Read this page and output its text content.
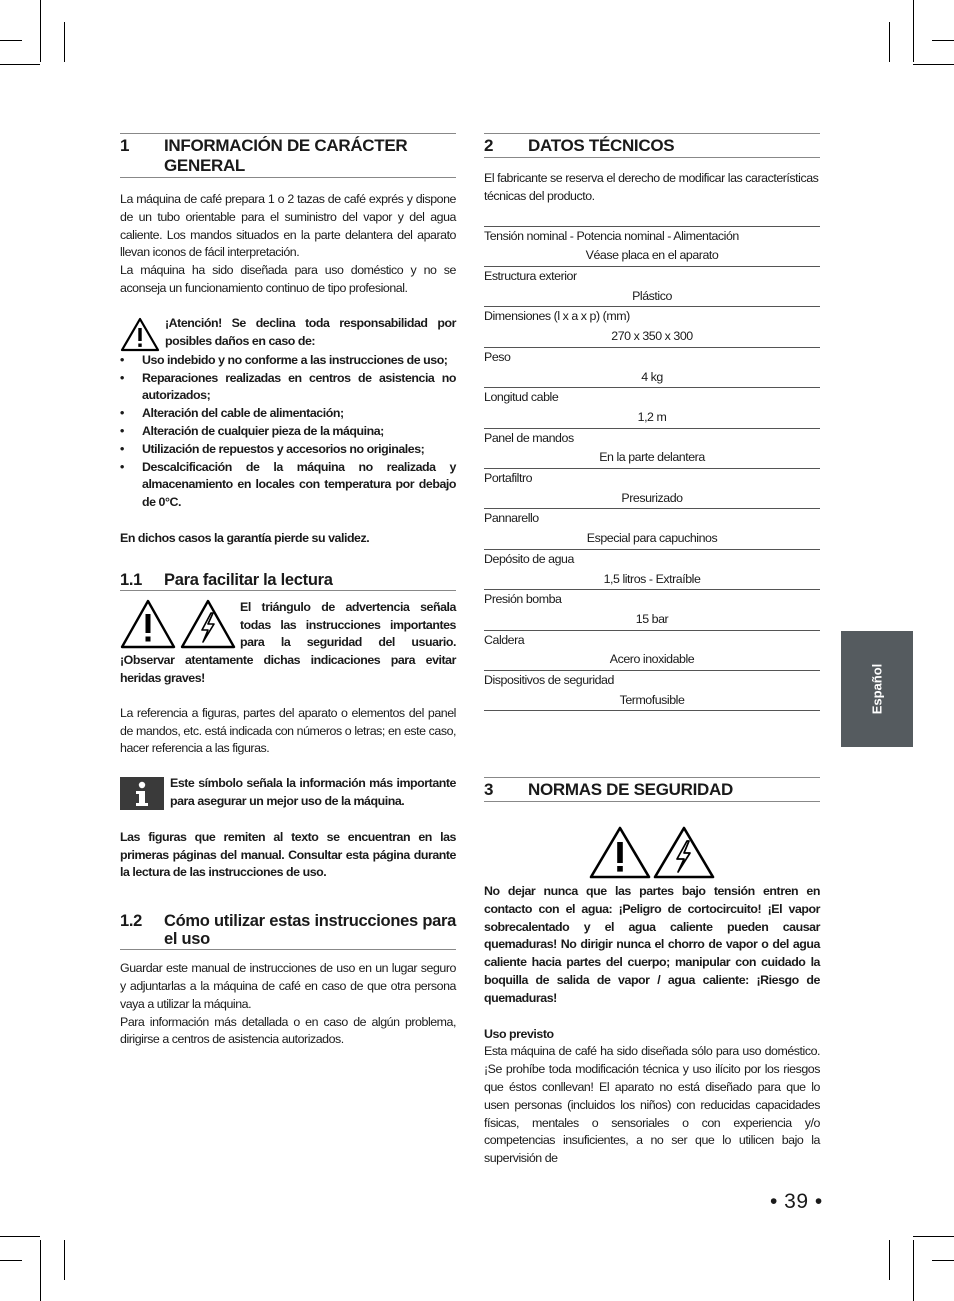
1	INFORMACIÓN DE CARÁCTER GENERAL

La máquina de café prepara 1 o 2 tazas de café exprés y dispone de un tubo orientable para el suministro del vapor y del agua caliente. Los mandos situados en la parte delantera del aparato llevan iconos de fácil interpretación.

La máquina ha sido diseñada para uso doméstico y no se aconseja un funcionamiento continuo de tipo profesional.

¡Atención! Se declina toda responsabilidad por posibles daños en caso de:

• Uso indebido y no conforme a las instrucciones de uso;
• Reparaciones realizadas en centros de asistencia no autorizados;
• Alteración del cable de alimentación;
• Alteración de cualquier pieza de la máquina;
• Utilización de repuestos y accesorios no originales;
• Descalcificación de la máquina no realizada y almacenamiento en locales con temperatura por debajo de 0°C.

En dichos casos la garantía pierde su validez.

1.1	Para facilitar la lectura

El triángulo de advertencia señala todas las instrucciones importantes para la seguridad del usuario. ¡Observar atentamente dichas indicaciones para evitar heridas graves!

La referencia a figuras, partes del aparato o elementos del panel de mandos, etc. está indicada con números o letras; en este caso, hacer referencia a las figuras.

Este símbolo señala la información más importante para asegurar un mejor uso de la máquina.

Las figuras que remiten al texto se encuentran en las primeras páginas del manual. Consultar esta página durante la lectura de las instrucciones de uso.

1.2	Cómo utilizar estas instrucciones para el uso

Guardar este manual de instrucciones de uso en un lugar seguro y adjuntarlas a la máquina de café en caso de que otra persona vaya a utilizar la máquina.

Para información más detallada o en caso de algún problema, dirigirse a centros de asistencia autorizados.

2	DATOS TÉCNICOS

El fabricante se reserva el derecho de modificar las características técnicas del producto.

Tensión nominal - Potencia nominal - Alimentación
Véase placa en el aparato

Estructura exterior
Plástico

Dimensiones (l x a x p) (mm)
270 x 350 x 300

Peso
4 kg

Longitud cable
1,2 m

Panel de mandos
En la parte delantera

Portafiltro
Presurizado

Pannarello
Especial para capuchinos

Depósito de agua
1,5 litros - Extraíble

Presión bomba
15 bar

Caldera
Acero inoxidable

Dispositivos de seguridad
Termofusible

3	NORMAS DE SEGURIDAD

No dejar nunca que las partes bajo tensión entren en contacto con el agua: ¡Peligro de cortocircuito! ¡El vapor sobrecalentado y el agua caliente pueden causar quemaduras! No dirigir nunca el chorro de vapor o del agua caliente hacia partes del cuerpo; manipular con cuidado la boquilla de salida de vapor / agua caliente: ¡Riesgo de quemaduras!

Uso previsto

Esta máquina de café ha sido diseñada sólo para uso doméstico. ¡Se prohíbe toda modificación técnica y uso ilícito por los riesgos que éstos conllevan! El aparato no está diseñado para que lo usen personas (incluidos los niños) con reducidas capacidades físicas, mentales o sensoriales o con experiencia y/o competencias insuficientes, a no ser que lo utilicen bajo la supervisión de

Español
• 39 •
